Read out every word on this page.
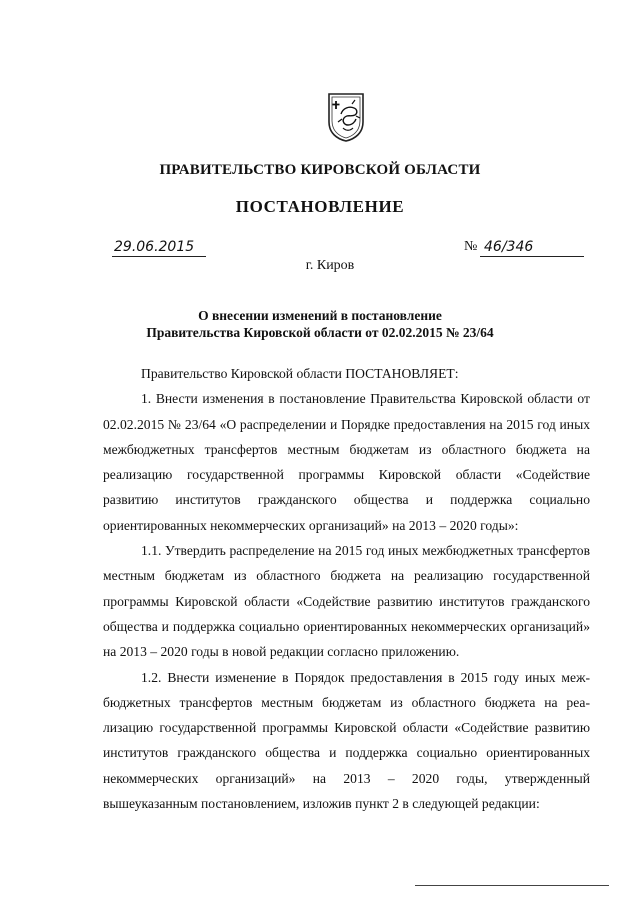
ПРАВИТЕЛЬСТВО КИРОВСКОЙ ОБЛАСТИ
ПОСТАНОВЛЕНИЕ
29.06.2015	№ 46/346
г. Киров
О внесении изменений в постановление
Правительства Кировской области от 02.02.2015 № 23/64

Правительство Кировской области ПОСТАНОВЛЯЕТ:

1. Внести изменения в постановление Правительства Кировской области от 02.02.2015 № 23/64 «О распределении и Порядке предоставления на 2015 год иных межбюджетных трансфертов местным бюджетам из областного бюджета на реализацию государственной программы Кировской области «Содействие развитию институтов гражданского общества и поддержка социально ориентированных некоммерческих организаций» на 2013 – 2020 годы»:

1.1. Утвердить распределение на 2015 год иных межбюджетных трансфертов местным бюджетам из областного бюджета на реализацию государственной программы Кировской области «Содействие развитию институтов гражданского общества и поддержка социально ориентированных некоммерческих организаций» на 2013 – 2020 годы в новой редакции согласно приложению.

1.2. Внести изменение в Порядок предоставления в 2015 году иных межбюджетных трансфертов местным бюджетам из областного бюджета на реализацию государственной программы Кировской области «Содействие развитию институтов гражданского общества и поддержка социально ориентированных некоммерческих организаций» на 2013 – 2020 годы, утвержденный вышеуказанным постановлением, изложив пункт 2 в следующей редакции:
